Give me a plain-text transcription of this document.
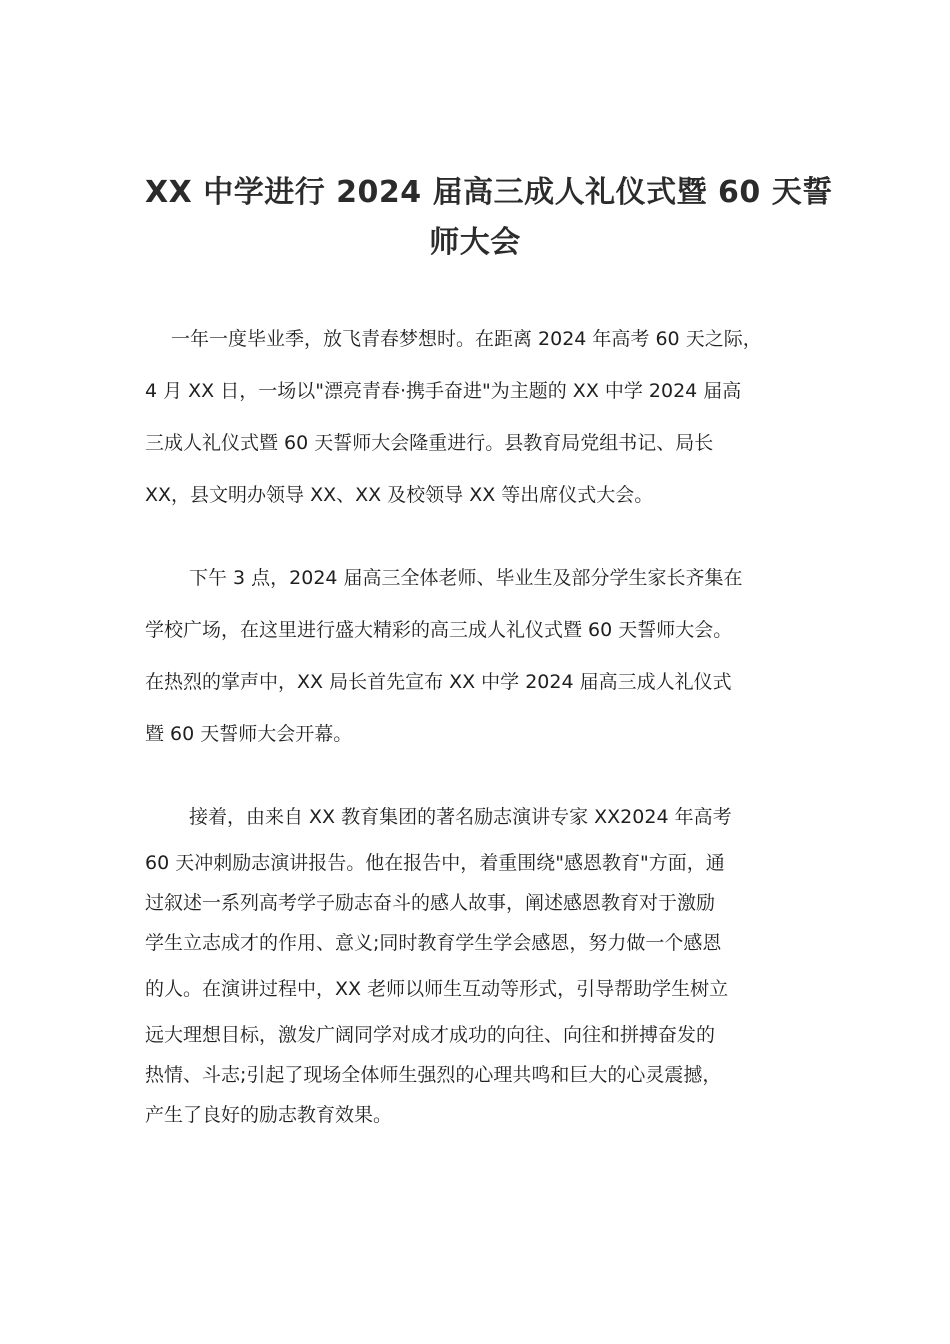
XX 中学进行 2024 届高三成人礼仪式暨 60 天誓
师大会

一年一度毕业季，放飞青春梦想时。在距离 2024 年高考 60 天之际，
4 月 XX 日，一场以"漂亮青春·携手奋进"为主题的 XX 中学 2024 届高
三成人礼仪式暨 60 天誓师大会隆重进行。县教育局党组书记、局长
XX，县文明办领导 XX、XX 及校领导 XX 等出席仪式大会。

下午 3 点，2024 届高三全体老师、毕业生及部分学生家长齐集在
学校广场，在这里进行盛大精彩的高三成人礼仪式暨 60 天誓师大会。
在热烈的掌声中，XX 局长首先宣布 XX 中学 2024 届高三成人礼仪式
暨 60 天誓师大会开幕。

接着，由来自 XX 教育集团的著名励志演讲专家 XX2024 年高考
60 天冲刺励志演讲报告。他在报告中，着重围绕"感恩教育"方面，通
过叙述一系列高考学子励志奋斗的感人故事，阐述感恩教育对于激励
学生立志成才的作用、意义;同时教育学生学会感恩，努力做一个感恩
的人。在演讲过程中，XX 老师以师生互动等形式，引导帮助学生树立
远大理想目标，激发广阔同学对成才成功的向往、向往和拼搏奋发的
热情、斗志;引起了现场全体师生强烈的心理共鸣和巨大的心灵震撼，
产生了良好的励志教育效果。
